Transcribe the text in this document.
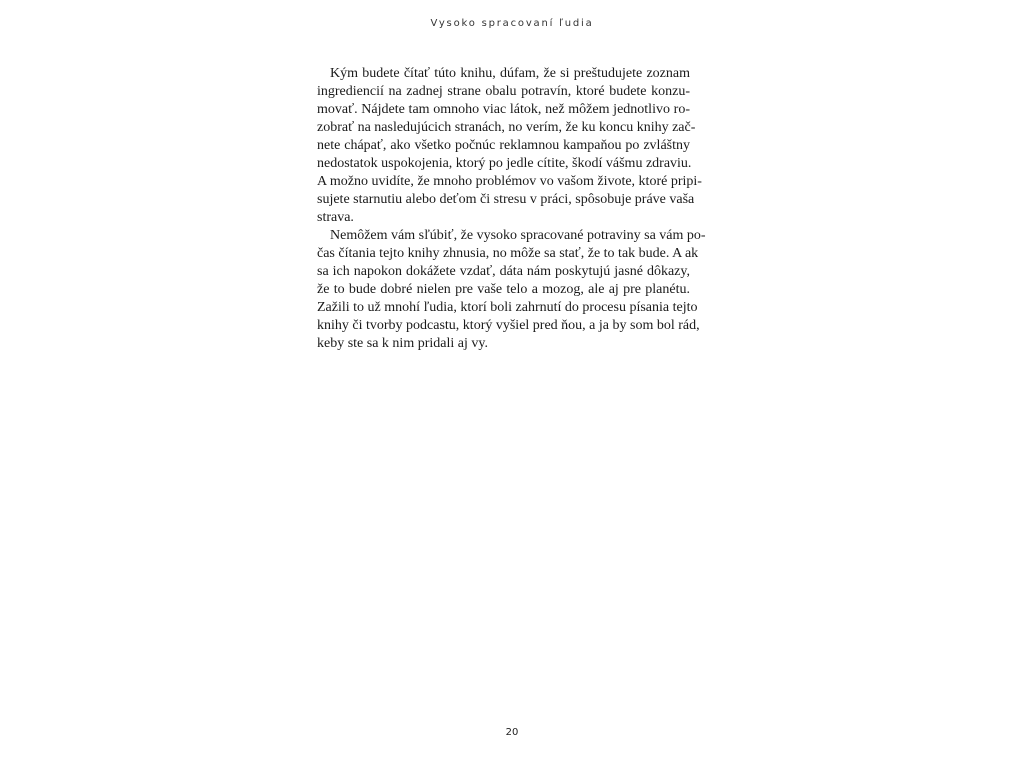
Vysoko spracovaní ľudia
Kým budete čítať túto knihu, dúfam, že si preštudujete zoznam
ingrediencií na zadnej strane obalu potravín, ktoré budete konzu-
movať. Nájdete tam omnoho viac látok, než môžem jednotlivo ro-
zobrať na nasledujúcich stranách, no verím, že ku koncu knihy zač-
nete chápať, ako všetko počnúc reklamnou kampaňou po zvláštny
nedostatok uspokojenia, ktorý po jedle cítite, škodí vášmu zdraviu.
A možno uvidíte, že mnoho problémov vo vašom živote, ktoré pripi-
sujete starnutiu alebo deťom či stresu v práci, spôsobuje práve vaša
strava.
Nemôžem vám sľúbiť, že vysoko spracované potraviny sa vám po-
čas čítania tejto knihy zhnusia, no môže sa stať, že to tak bude. A ak
sa ich napokon dokážete vzdať, dáta nám poskytujú jasné dôkazy,
že to bude dobré nielen pre vaše telo a mozog, ale aj pre planétu.
Zažili to už mnohí ľudia, ktorí boli zahrnutí do procesu písania tejto
knihy či tvorby podcastu, ktorý vyšiel pred ňou, a ja by som bol rád,
keby ste sa k nim pridali aj vy.
20
